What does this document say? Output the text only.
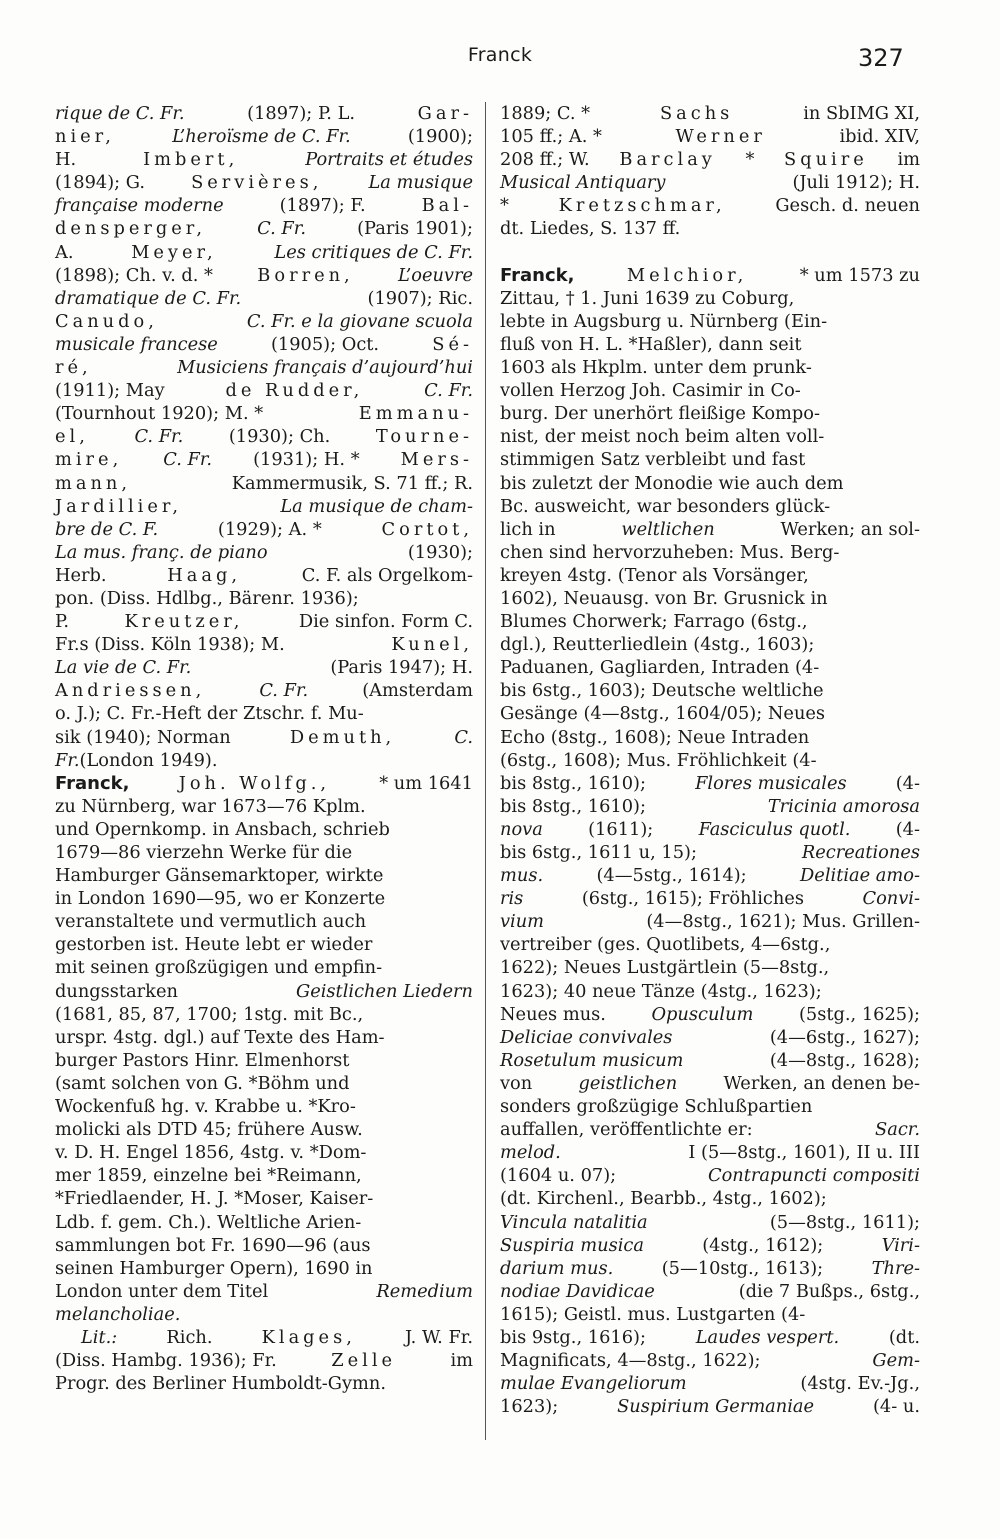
Franck	327
rique de C. Fr.	(1897); P. L.	Gar-
nier,	L’heroïsme de C. Fr.	(1900);
H.	Imbert,	Portraits et études
(1894); G.	Servières,	La musique
française moderne	(1897); F.	Bal-
densperger,	C. Fr.	(Paris 1901);
A.	Meyer,	Les critiques de C. Fr.
(1898); Ch. v. d. * Borren, L’oeuvre
dramatique de C. Fr.	(1907); Ric.
Canudo,	C. Fr. e la giovane scuola
musicale francese	(1905); Oct.	Sé-
ré,	Musiciens français d’aujourd’hui
(1911); May	de Rudder,	C. Fr.
(Tournhout 1920); M. *	Emmanu-
el,	C. Fr.	(1930); Ch.	Tourne-
mire, C. Fr. (1931); H. * Mers-
mann,	Kammermusik, S. 71 ff.; R.
Jardillier,	La musique de cham-
bre de C. F.	(1929); A. *	Cortot,
La mus. franç. de piano	(1930);
Herb.	Haag,	C. F. als Orgelkom-
pon. (Diss. Hdlbg., Bärenr. 1936);
P.	Kreutzer,	Die sinfon. Form C.
Fr.s (Diss. Köln 1938); M.	Kunel,
La vie de C. Fr.	(Paris 1947); H.
Andriessen,	C. Fr.	(Amsterdam
o. J.); C. Fr.-Heft der Ztschr. f. Mu-
sik (1940); Norman	Demuth,	C.
Fr. (London 1949).
Franck,	Joh. Wolfg.,	* um 1641
zu Nürnberg, war 1673—76 Kplm.
und Opernkomp. in Ansbach, schrieb
1679—86 vierzehn Werke für die
Hamburger Gänsemarktoper, wirkte
in London 1690—95, wo er Konzerte
veranstaltete und vermutlich auch
gestorben ist. Heute lebt er wieder
mit seinen großzügigen und empfin-
dungsstarken	Geistlichen Liedern
(1681, 85, 87, 1700; 1stg. mit Bc.,
urspr. 4stg. dgl.) auf Texte des Ham-
burger Pastors Hinr. Elmenhorst
(samt solchen von G. *Böhm und
Wockenfuß hg. v. Krabbe u. *Kro-
molicki als DTD 45; frühere Ausw.
v. D. H. Engel 1856, 4stg. v. *Dom-
mer 1859, einzelne bei *Reimann,
*Friedlaender, H. J. *Moser, Kaiser-
Ldb. f. gem. Ch.). Weltliche Arien-
sammlungen bot Fr. 1690—96 (aus
seinen Hamburger Opern), 1690 in
London unter dem Titel	Remedium
melancholiae.
Lit.:	Rich.	Klages,	J. W. Fr.
(Diss. Hambg. 1936); Fr.	Zelle	im
Progr. des Berliner Humboldt-Gymn.
1889; C. *	Sachs	in SbIMG XI,
105 ff.; A. *	Werner	ibid. XIV,
208 ff.; W. Barclay * Squire im
Musical Antiquary	(Juli 1912); H.
*	Kretzschmar,	Gesch. d. neuen
dt. Liedes, S. 137 ff.
Franck,	Melchior,	* um 1573 zu
Zittau, † 1. Juni 1639 zu Coburg,
lebte in Augsburg u. Nürnberg (Ein-
fluß von H. L. *Haßler), dann seit
1603 als Hkplm. unter dem prunk-
vollen Herzog Joh. Casimir in Co-
burg. Der unerhört fleißige Kompo-
nist, der meist noch beim alten voll-
stimmigen Satz verbleibt und fast
bis zuletzt der Monodie wie auch dem
Bc. ausweicht, war besonders glück-
lich in	weltlichen	Werken; an sol-
chen sind hervorzuheben: Mus. Berg-
kreyen 4stg. (Tenor als Vorsänger,
1602), Neuausg. von Br. Grusnick in
Blumes Chorwerk; Farrago (6stg.,
dgl.), Reutterliedlein (4stg., 1603);
Paduanen, Gagliarden, Intraden (4-
bis 6stg., 1603); Deutsche weltliche
Gesänge (4—8stg., 1604/05); Neues
Echo (8stg., 1608); Neue Intraden
(6stg., 1608); Mus. Fröhlichkeit (4-
bis 8stg., 1610);	Flores musicales	(4-
bis 8stg., 1610);	Tricinia amorosa
nova	(1611);	Fasciculus quotl.	(4-
bis 6stg., 1611 u, 15);	Recreationes
mus.	(4—5stg., 1614);	Delitiae amo-
ris	(6stg., 1615); Fröhliches	Convi-
vium	(4—8stg., 1621); Mus. Grillen-
vertreiber (ges. Quotlibets, 4—6stg.,
1622); Neues Lustgärtlein (5—8stg.,
1623); 40 neue Tänze (4stg., 1623);
Neues mus.	Opusculum	(5stg., 1625);
Deliciae convivales	(4—6stg., 1627);
Rosetulum musicum	(4—8stg., 1628);
von	geistlichen	Werken, an denen be-
sonders großzügige Schlußpartien
auffallen, veröffentlichte er:	Sacr.
melod.	I (5—8stg., 1601), II u. III
(1604 u. 07);	Contrapuncti compositi
(dt. Kirchenl., Bearbb., 4stg., 1602);
Vincula natalitia	(5—8stg., 1611);
Suspiria musica	(4stg., 1612);	Viri-
darium mus.	(5—10stg., 1613);	Thre-
nodiae Davidicae	(die 7 Bußps., 6stg.,
1615); Geistl. mus. Lustgarten (4-
bis 9stg., 1616);	Laudes vespert.	(dt.
Magnificats, 4—8stg., 1622);	Gem-
mulae Evangeliorum	(4stg. Ev.-Jg.,
1623);	Suspirium Germaniae	(4- u.
